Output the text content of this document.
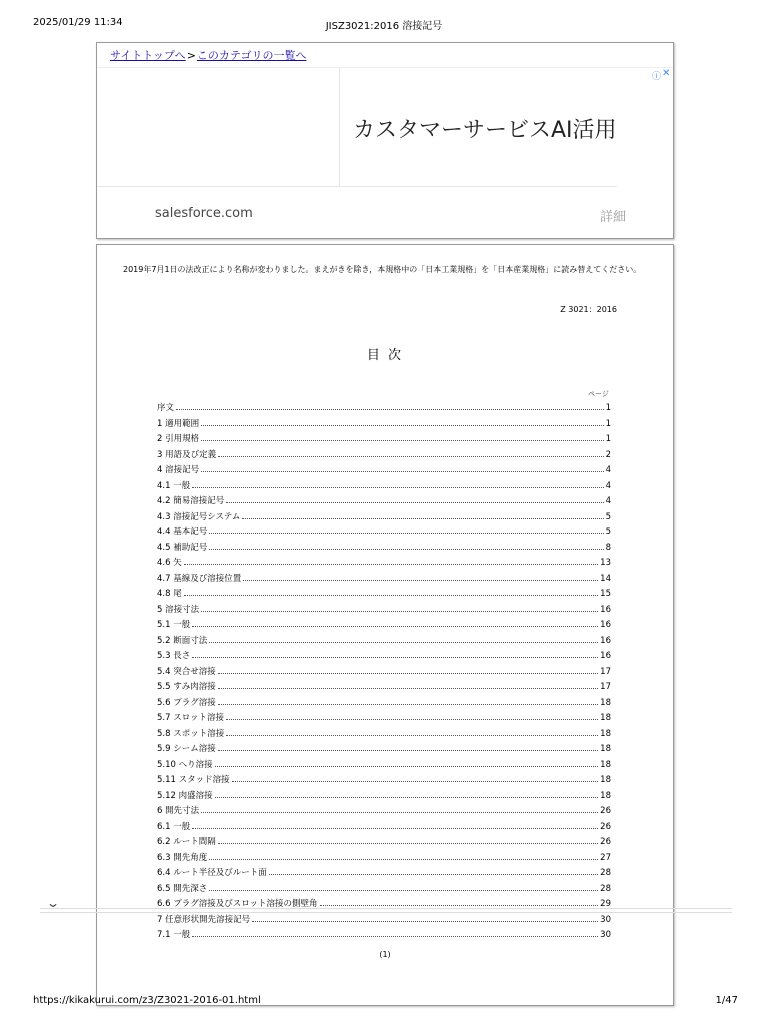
2025/01/29 11:34	JISZ3021:2016 溶接記号
サイトトップへ>このカテゴリの一覧へ
カスタマーサービスAI活用
salesforce.com	詳細
ⓘ ✕
2019年7月1日の法改正により名称が変わりました。まえがきを除き，本規格中の「日本工業規格」を「日本産業規格」に読み替えてください。
Z 3021：2016
目 次
ページ
序文	1
1 適用範囲	1
2 引用規格	1
3 用語及び定義	2
4 溶接記号	4
4.1 一般	4
4.2 簡易溶接記号	4
4.3 溶接記号システム	5
4.4 基本記号	5
4.5 補助記号	8
4.6 矢	13
4.7 基線及び溶接位置	14
4.8 尾	15
5 溶接寸法	16
5.1 一般	16
5.2 断面寸法	16
5.3 長さ	16
5.4 突合せ溶接	17
5.5 すみ肉溶接	17
5.6 プラグ溶接	18
5.7 スロット溶接	18
5.8 スポット溶接	18
5.9 シーム溶接	18
5.10 へり溶接	18
5.11 スタッド溶接	18
5.12 肉盛溶接	18
6 開先寸法	26
6.1 一般	26
6.2 ルート間隔	26
6.3 開先角度	27
6.4 ルート半径及びルート面	28
6.5 開先深さ	28
6.6 プラグ溶接及びスロット溶接の側壁角	29
7 任意形状開先溶接記号	30
7.1 一般	30
(1)
⌄
https://kikakurui.com/z3/Z3021-2016-01.html	1/47
